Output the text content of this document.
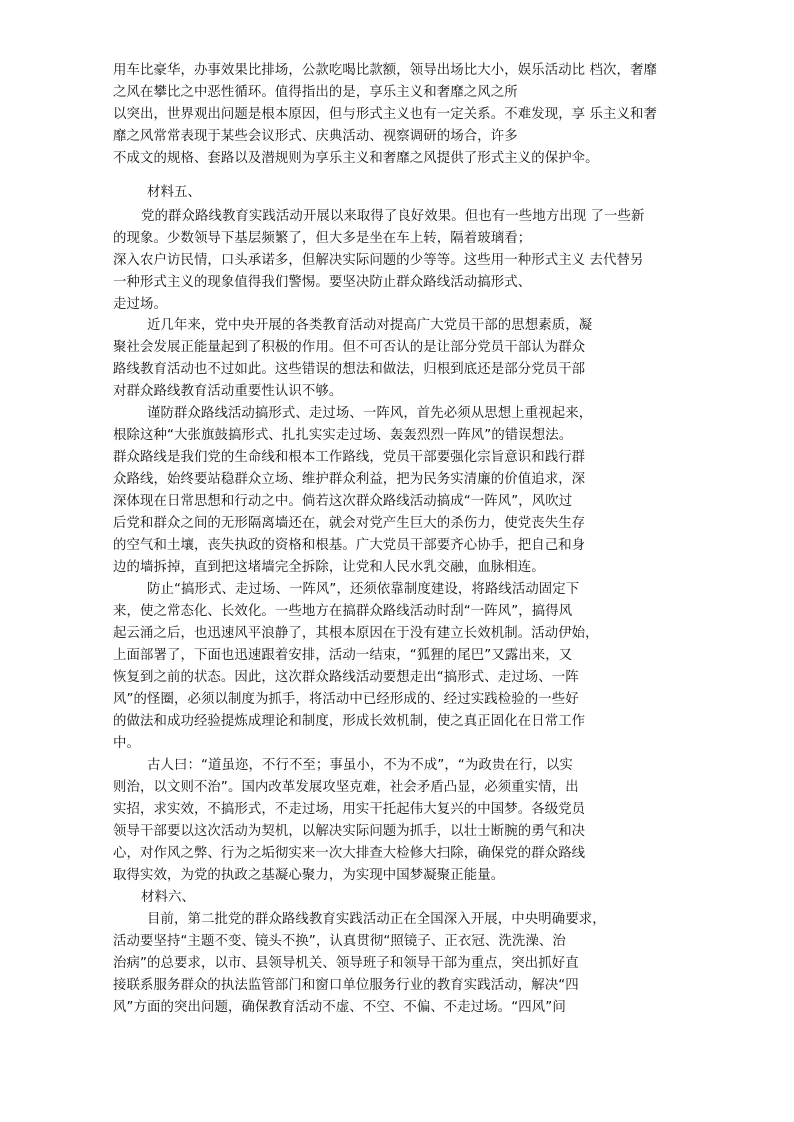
用车比豪华，办事效果比排场，公款吃喝比款额，领导出场比大小，娱乐活动比 档次，奢靡
之风在攀比之中恶性循环。值得指出的是，享乐主义和奢靡之风之所
以突出，世界观出问题是根本原因，但与形式主义也有一定关系。不难发现，享 乐主义和奢
靡之风常常表现于某些会议形式、庆典活动、视察调研的场合，许多
不成文的规格、套路以及潜规则为享乐主义和奢靡之风提供了形式主义的保护伞。
材料五、
党的群众路线教育实践活动开展以来取得了良好效果。但也有一些地方出现 了一些新
的现象。少数领导下基层频繁了，但大多是坐在车上转，隔着玻璃看；
深入农户访民情，口头承诺多，但解决实际问题的少等等。这些用一种形式主义 去代替另
一种形式主义的现象值得我们警惕。要坚决防止群众路线活动搞形式、
走过场。
近几年来，党中央开展的各类教育活动对提高广大党员干部的思想素质，凝
聚社会发展正能量起到了积极的作用。但不可否认的是让部分党员干部认为群众
路线教育活动也不过如此。这些错误的想法和做法，归根到底还是部分党员干部
对群众路线教育活动重要性认识不够。
谨防群众路线活动搞形式、走过场、一阵风，首先必须从思想上重视起来，
根除这种“大张旗鼓搞形式、扎扎实实走过场、轰轰烈烈一阵风”的错误想法。
群众路线是我们党的生命线和根本工作路线，党员干部要强化宗旨意识和践行群
众路线，始终要站稳群众立场、维护群众利益，把为民务实清廉的价值追求，深
深体现在日常思想和行动之中。倘若这次群众路线活动搞成“一阵风”，风吹过
后党和群众之间的无形隔离墙还在，就会对党产生巨大的杀伤力，使党丧失生存
的空气和土壤，丧失执政的资格和根基。广大党员干部要齐心协手，把自己和身
边的墙拆掉，直到把这堵墙完全拆除，让党和人民水乳交融，血脉相连。
防止“搞形式、走过场、一阵风”，还须依靠制度建设，将路线活动固定下
来，使之常态化、长效化。一些地方在搞群众路线活动时刮“一阵风”，搞得风
起云涌之后，也迅速风平浪静了，其根本原因在于没有建立长效机制。活动伊始，
上面部署了，下面也迅速跟着安排，活动一结束，“狐狸的尾巴”又露出来，又
恢复到之前的状态。因此，这次群众路线活动要想走出“搞形式、走过场、一阵
风”的怪圈，必须以制度为抓手，将活动中已经形成的、经过实践检验的一些好
的做法和成功经验提炼成理论和制度，形成长效机制，使之真正固化在日常工作
中。
古人曰：“道虽迩，不行不至；事虽小，不为不成”，“为政贵在行，以实
则治，以文则不治”。国内改革发展攻坚克难，社会矛盾凸显，必须重实情，出
实招，求实效，不搞形式，不走过场，用实干托起伟大复兴的中国梦。各级党员
领导干部要以这次活动为契机，以解决实际问题为抓手，以壮士断腕的勇气和决
心，对作风之弊、行为之垢彻实来一次大排查大检修大扫除，确保党的群众路线
取得实效，为党的执政之基凝心聚力，为实现中国梦凝聚正能量。
材料六、
目前，第二批党的群众路线教育实践活动正在全国深入开展，中央明确要求，
活动要坚持“主题不变、镜头不换”，认真贯彻“照镜子、正衣冠、洗洗澡、治
治病”的总要求，以市、县领导机关、领导班子和领导干部为重点，突出抓好直
接联系服务群众的执法监管部门和窗口单位服务行业的教育实践活动，解决“四
风”方面的突出问题，确保教育活动不虚、不空、不偏、不走过场。“四风”问
